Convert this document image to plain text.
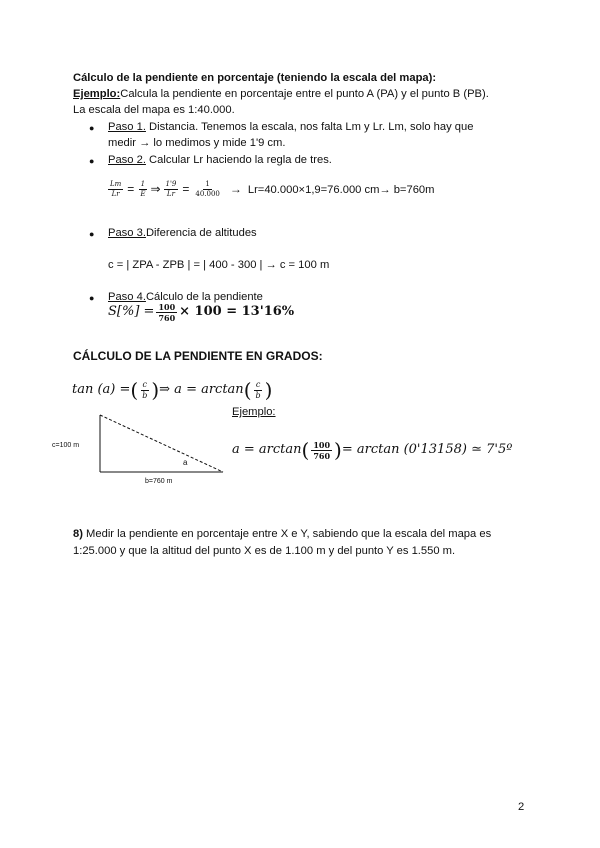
Cálculo de la pendiente en porcentaje (teniendo la escala del mapa):
Ejemplo:Calcula la pendiente en porcentaje entre el punto A (PA) y el punto B (PB).
La escala del mapa es 1:40.000.
● Paso 1. Distancia. Tenemos la escala, nos falta Lm y Lr. Lm, solo hay que
medir → lo medimos y mide 1'9 cm.
● Paso 2. Calcular Lr haciendo la regla de tres.
$\frac{Lm}{Lr} = \frac{1}{E}$ ⇒ $\frac{1'9}{Lr} = \frac{1}{40.000} \to Lr=40.000\times 1,9=76.000$ cm→ b=760m
● Paso 3.Diferencia de altitudes
c = | ZPA - ZPB | = | 400 - 300 | → c = 100 m
● Paso 4.Cálculo de la pendiente
$S[\%] = \frac{100}{760} \times 100 = 13'16\%$
CÁLCULO DE LA PENDIENTE EN GRADOS:
tan (a) = ( $\frac{c}{b}$ ) ⇒ a = arctan ( $\frac{c}{b}$ )
c=100 m
b=760 m
a
Ejemplo:
a = arctan ( $\frac{100}{760}$ ) = arctan (0'13158) ≃ 7'5º
8) Medir la pendiente en porcentaje entre X e Y, sabiendo que la escala del mapa es
1:25.000 y que la altitud del punto X es de 1.100 m y del punto Y es 1.550 m.
2
